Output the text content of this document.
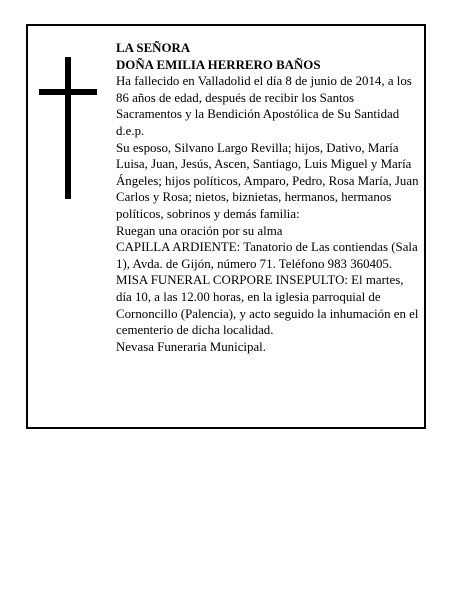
LA SEÑORA

DOÑA EMILIA HERRERO BAÑOS

Ha fallecido en Valladolid el día 8 de junio de 2014, a los 86 años de edad, después de recibir los Santos Sacramentos y la Bendición Apostólica de Su Santidad

d.e.p.

Su esposo, Silvano Largo Revilla; hijos, Dativo, María Luisa, Juan, Jesús, Ascen, Santiago, Luis Miguel y María Ángeles; hijos políticos, Amparo, Pedro, Rosa María, Juan Carlos y Rosa; nietos, biznietas, hermanos, hermanos políticos, sobrinos y demás familia:

Ruegan una oración por su alma

CAPILLA ARDIENTE: Tanatorio de Las contiendas (Sala 1), Avda. de Gijón, número 71. Teléfono 983 360405.

MISA FUNERAL CORPORE INSEPULTO: El martes, día 10, a las 12.00 horas, en la iglesia parroquial de Cornoncillo (Palencia), y acto seguido la inhumación en el cementerio de dicha localidad.

Nevasa Funeraria Municipal.
